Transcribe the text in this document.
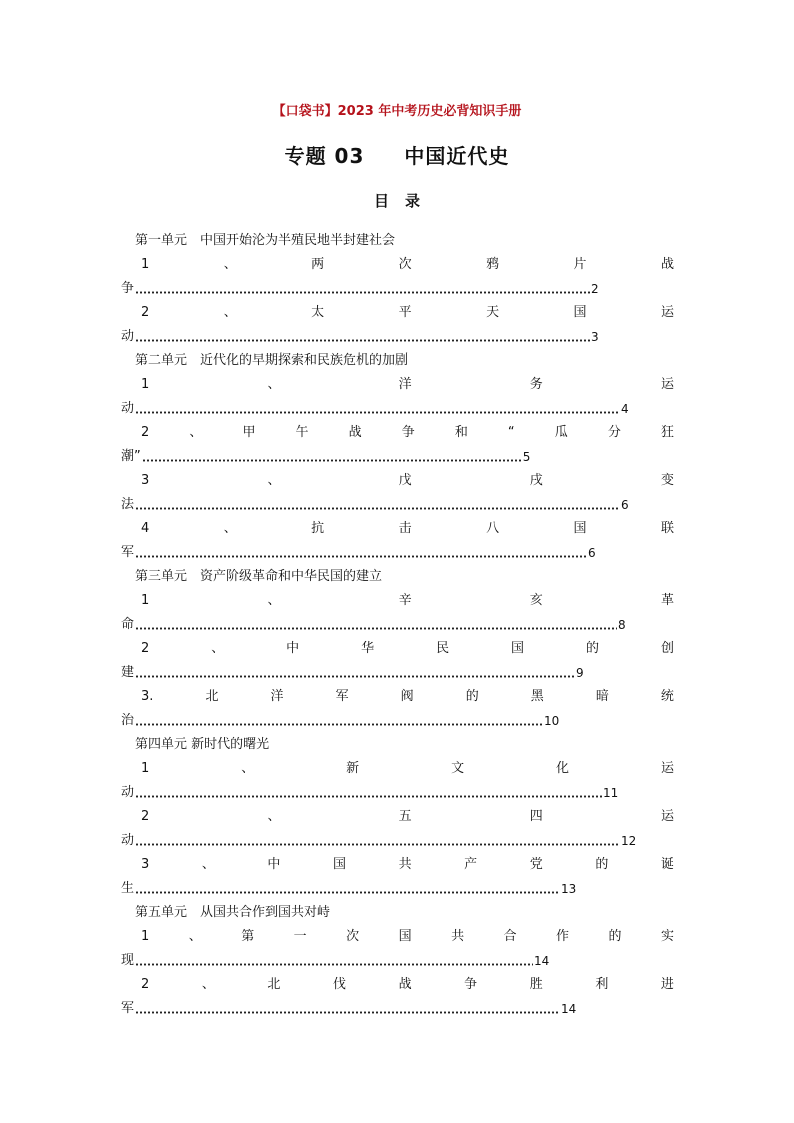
【口袋书】2023 年中考历史必背知识手册
专题 03 中国近代史
目 录
第一单元　中国开始沦为半殖民地半封建社会
1	、	两	次	鸦	片	战
争	2
2	、	太	平	天	国	运
动	3
第二单元　近代化的早期探索和民族危机的加剧
1	、	洋	务	运
动	4
2	、	甲	午	战	争	和	“	瓜	分	狂
潮”	5
3	、	戊	戌	变
法	6
4	、	抗	击	八	国	联
军	6
第三单元　资产阶级革命和中华民国的建立
1	、	辛	亥	革
命	8
2	、	中	华	民	国	的	创
建	9
3.	北	洋	军	阀	的	黑	暗	统
治	10
第四单元 新时代的曙光
1	、	新	文	化	运
动	11
2	、	五	四	运
动	12
3	、	中	国	共	产	党	的	诞
生	13
第五单元　从国共合作到国共对峙
1	、	第	一	次	国	共	合	作	的	实
现	14
2	、	北	伐	战	争	胜	利	进
军	14
